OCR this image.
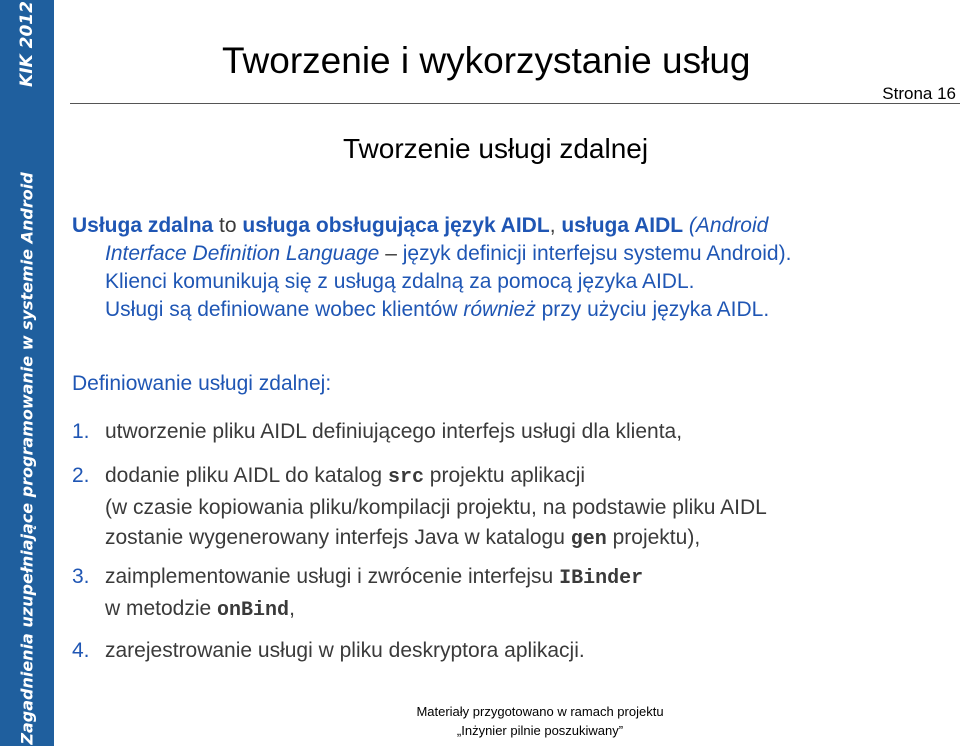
KIK 2012
Zagadnienia uzupełniające programowanie w systemie Android
Tworzenie i wykorzystanie usług
Strona 16
Tworzenie usługi zdalnej
Usługa zdalna to usługa obsługująca język AIDL, usługa AIDL (Android
Interface Definition Language – język definicji interfejsu systemu Android).
Klienci komunikują się z usługą zdalną za pomocą języka AIDL.
Usługi są definiowane wobec klientów również przy użyciu języka AIDL.
Definiowanie usługi zdalnej:
1. utworzenie pliku AIDL definiującego interfejs usługi dla klienta,
2. dodanie pliku AIDL do katalog src projektu aplikacji
(w czasie kopiowania pliku/kompilacji projektu, na podstawie pliku AIDL
zostanie wygenerowany interfejs Java w katalogu gen projektu),
3. zaimplementowanie usługi i zwrócenie interfejsu IBinder
w metodzie onBind,
4. zarejestrowanie usługi w pliku deskryptora aplikacji.
Materiały przygotowano w ramach projektu
„Inżynier pilnie poszukiwany”
